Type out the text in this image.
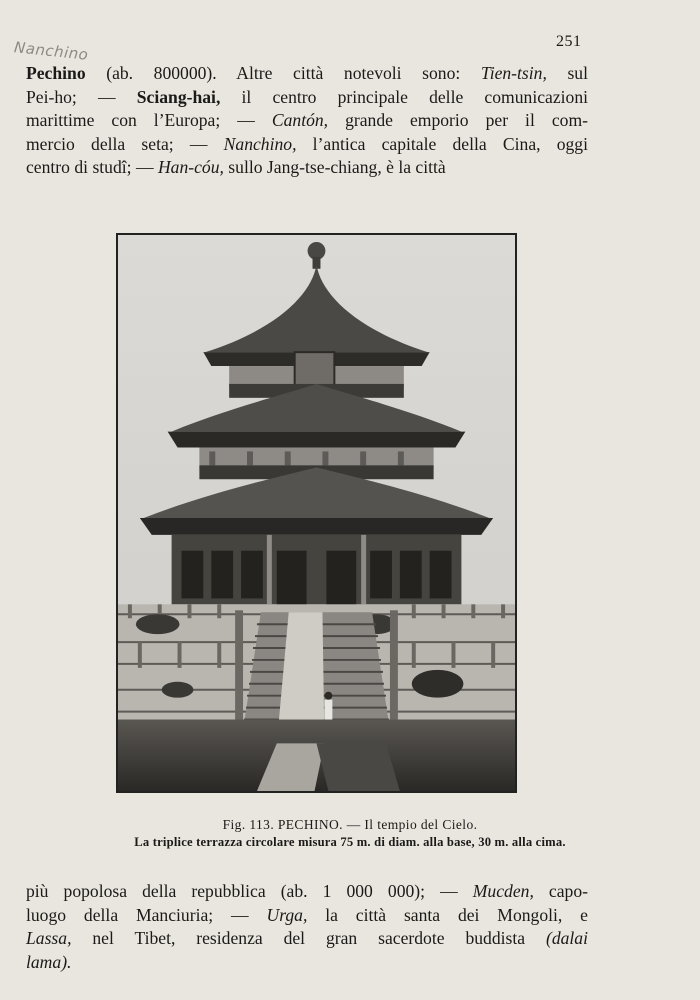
Nanchino	251
Pechino (ab. 800000). Altre città notevoli sono: Tien-tsin, sul
Pei-ho; — Sciang-hai, il centro principale delle comunicazioni
marittime con l’Europa; — Cantón, grande emporio per il com-
mercio della seta; — Nanchino, l’antica capitale della Cina, oggi
centro di studî; — Han-cóu, sullo Jang-tse-chiang, è la città
Fig. 113. PECHINO. — Il tempio del Cielo.
La triplice terrazza circolare misura 75 m. di diam. alla base, 30 m. alla cima.
più popolosa della repubblica (ab. 1 000 000); — Mucden, capo-
luogo della Manciuria; — Urga, la città santa dei Mongoli, e
Lassa, nel Tibet, residenza del gran sacerdote buddista (dalai
lama).
